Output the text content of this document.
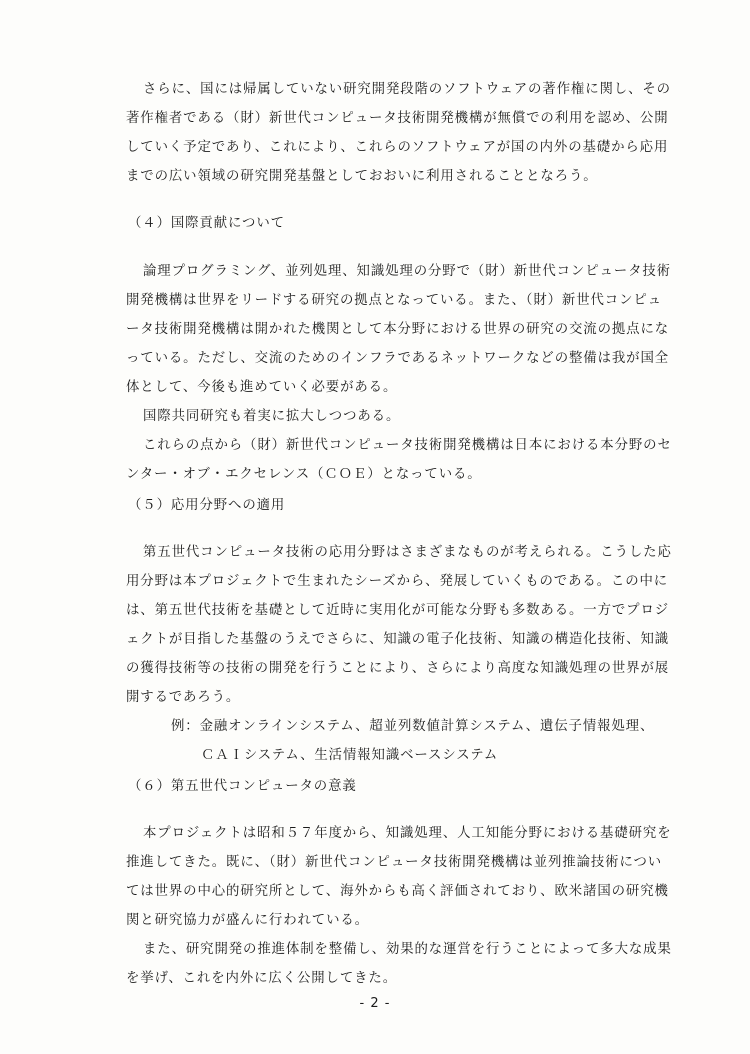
さらに、国には帰属していない研究開発段階のソフトウェアの著作権に関し、その
著作権者である（財）新世代コンピュータ技術開発機構が無償での利用を認め、公開
していく予定であり、これにより、これらのソフトウェアが国の内外の基礎から応用
までの広い領域の研究開発基盤としておおいに利用されることとなろう。
（４）国際貢献について
論理プログラミング、並列処理、知識処理の分野で（財）新世代コンピュータ技術
開発機構は世界をリードする研究の拠点となっている。また、（財）新世代コンピュ
ータ技術開発機構は開かれた機関として本分野における世界の研究の交流の拠点にな
っている。ただし、交流のためのインフラであるネットワークなどの整備は我が国全
体として、今後も進めていく必要がある。
国際共同研究も着実に拡大しつつある。
これらの点から（財）新世代コンピュータ技術開発機構は日本における本分野のセ
ンター・オブ・エクセレンス（ＣＯＥ）となっている。
（５）応用分野への適用
第五世代コンピュータ技術の応用分野はさまざまなものが考えられる。こうした応
用分野は本プロジェクトで生まれたシーズから、発展していくものである。この中に
は、第五世代技術を基礎として近時に実用化が可能な分野も多数ある。一方でプロジ
ェクトが目指した基盤のうえでさらに、知識の電子化技術、知識の構造化技術、知識
の獲得技術等の技術の開発を行うことにより、さらにより高度な知識処理の世界が展
開するであろう。
例：金融オンラインシステム、超並列数値計算システム、遺伝子情報処理、
ＣＡＩシステム、生活情報知識ベースシステム
（６）第五世代コンピュータの意義
本プロジェクトは昭和５７年度から、知識処理、人工知能分野における基礎研究を
推進してきた。既に、（財）新世代コンピュータ技術開発機構は並列推論技術につい
ては世界の中心的研究所として、海外からも高く評価されており、欧米諸国の研究機
関と研究協力が盛んに行われている。
また、研究開発の推進体制を整備し、効果的な運営を行うことによって多大な成果
を挙げ、これを内外に広く公開してきた。
- 2 -
